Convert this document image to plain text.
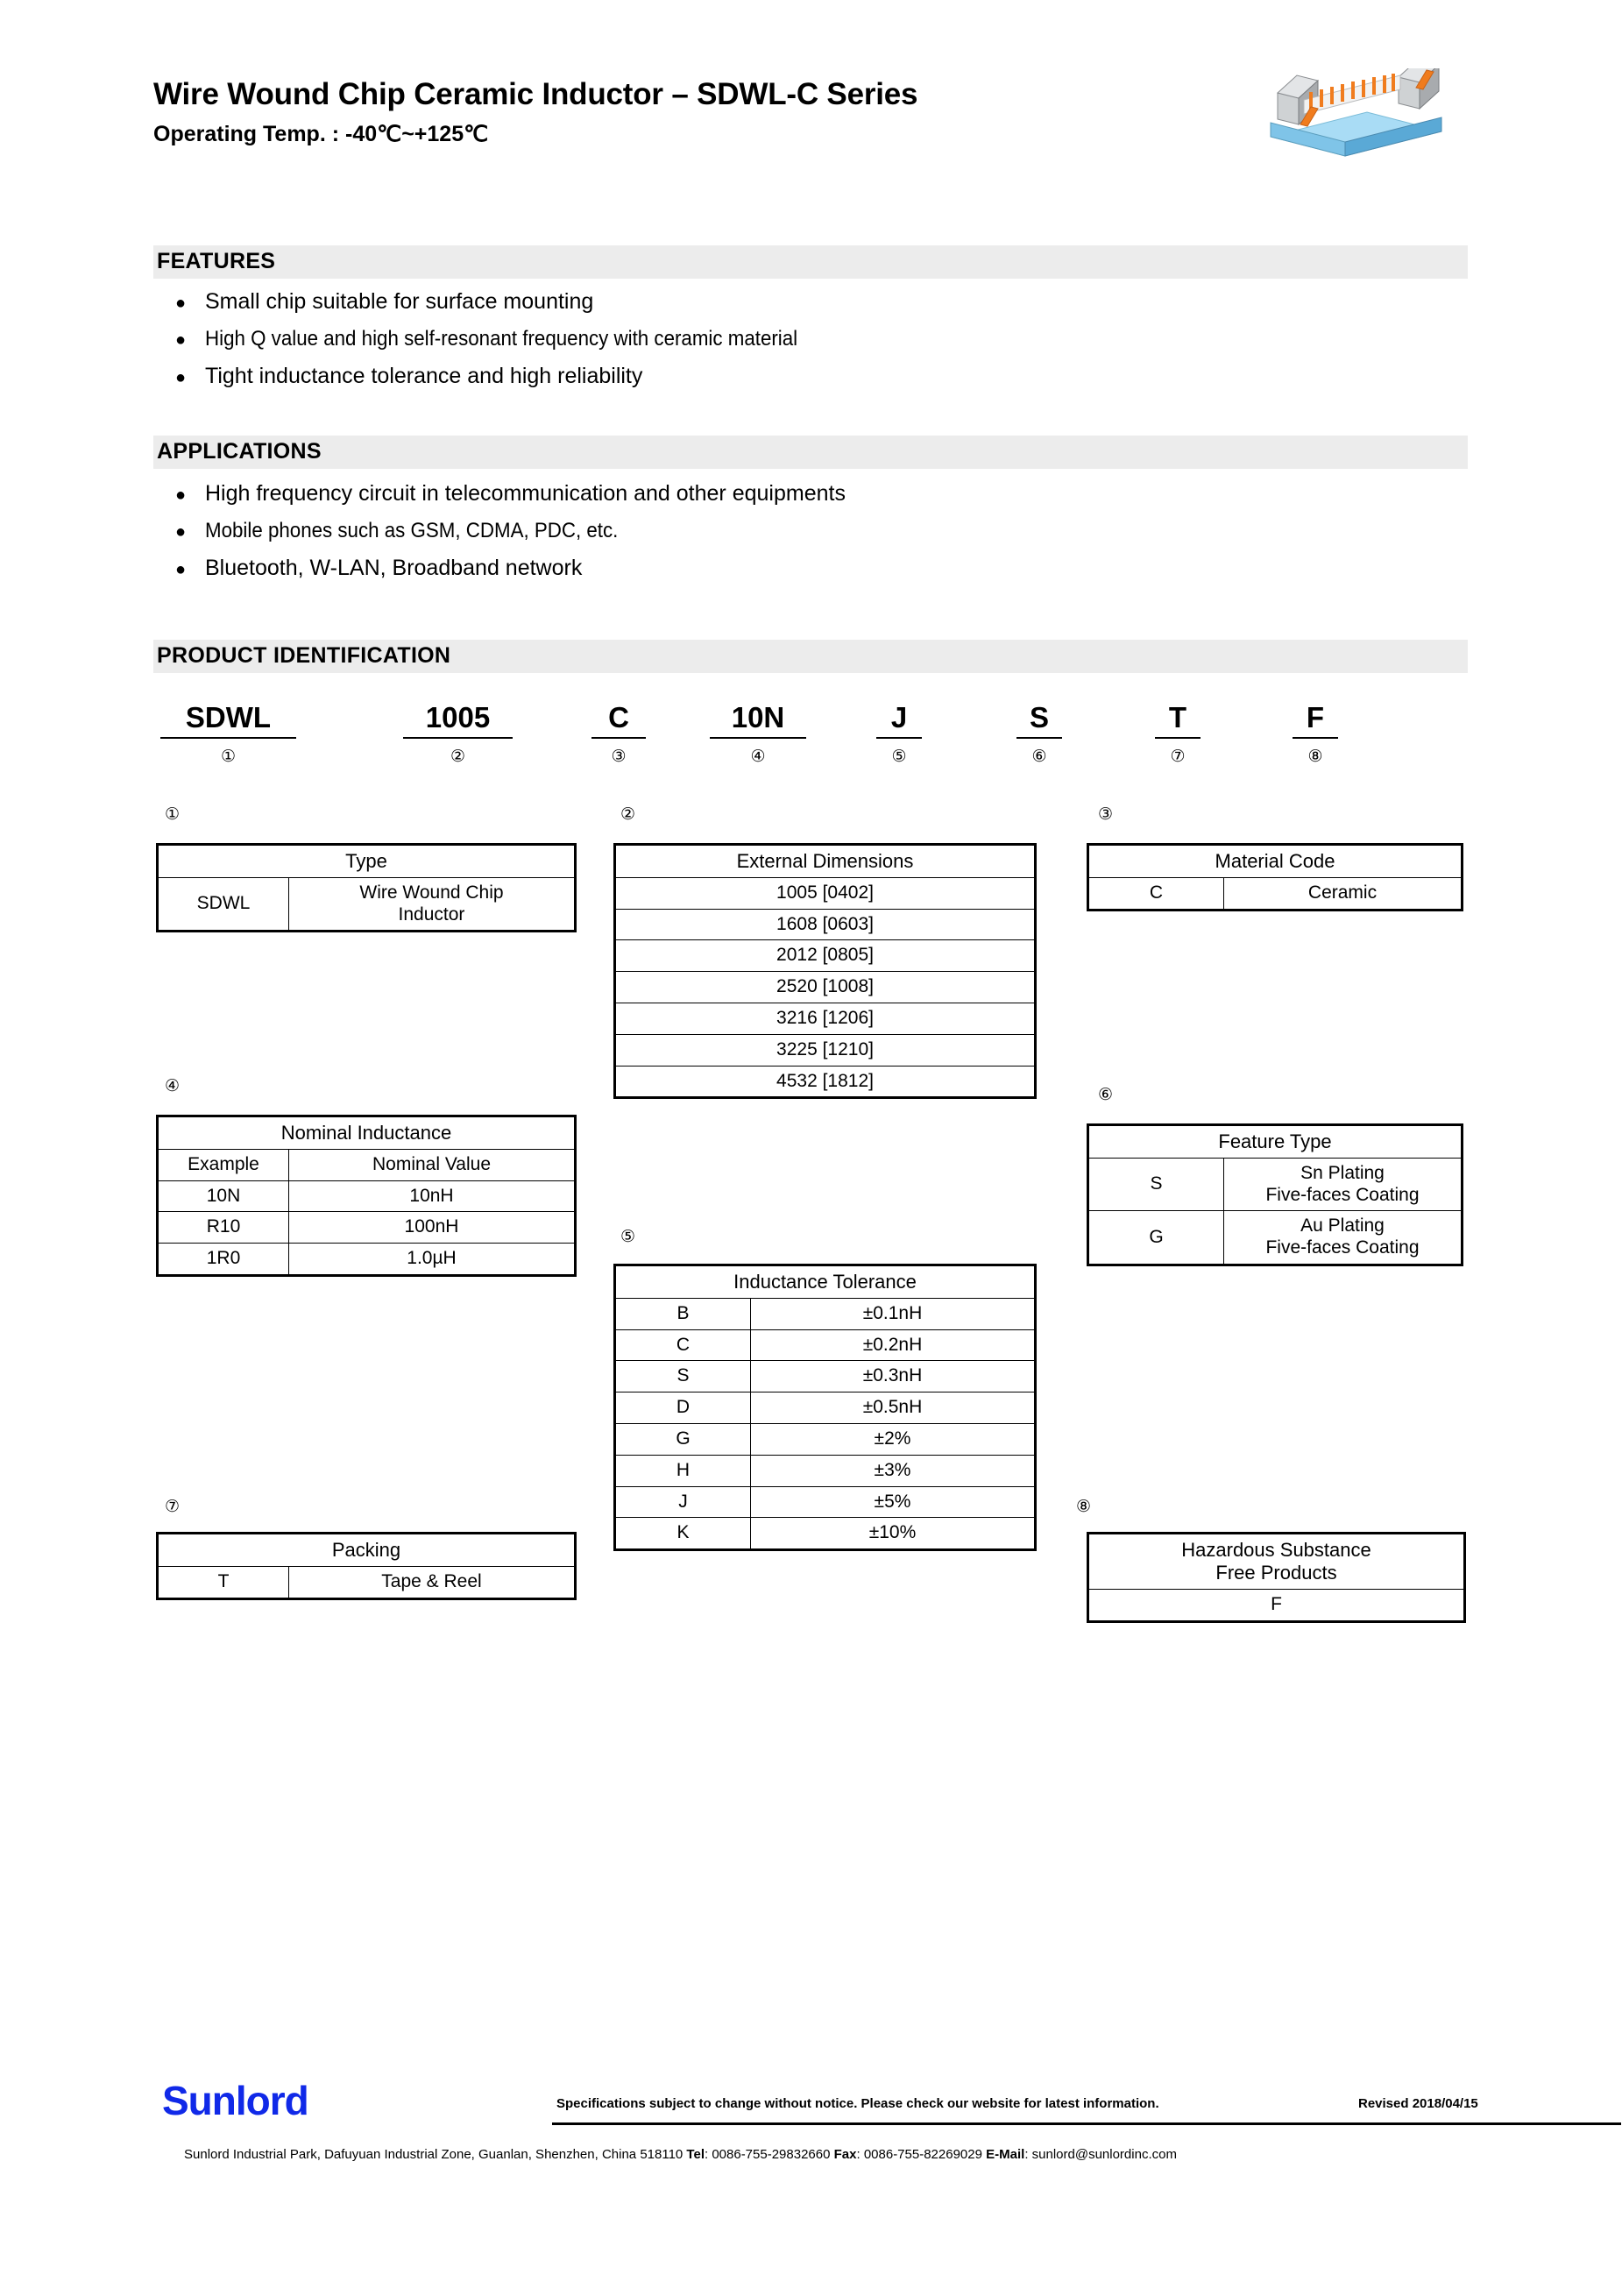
Wire Wound Chip Ceramic Inductor – SDWL-C Series
Operating Temp. : -40℃~+125℃
FEATURES
● Small chip suitable for surface mounting
● High Q value and high self-resonant frequency with ceramic material
● Tight inductance tolerance and high reliability
APPLICATIONS
● High frequency circuit in telecommunication and other equipments
● Mobile phones such as GSM, CDMA, PDC, etc.
● Bluetooth, W-LAN, Broadband network
PRODUCT IDENTIFICATION
SDWL
①
1005
②
C
③
10N
④
J
⑤
S
⑥
T
⑦
F
⑧
①	②	③
④	⑥
⑤
⑦	⑧
Type
SDWL	Wire Wound Chip
Inductor
External Dimensions
1005 [0402]
1608 [0603]
2012 [0805]
2520 [1008]
3216 [1206]
3225 [1210]
4532 [1812]
Material Code
C	Ceramic
Nominal Inductance	
Example	Nominal Value
10N	10nH
R10	100nH
1R0	1.0µH
Feature Type	
S	Sn Plating
Five-faces Coating
G	Au Plating
Five-faces Coating
Inductance Tolerance	
B	±0.1nH
C	±0.2nH
S	±0.3nH
D	±0.5nH
G	±2%
H	±3%
J	±5%
K	±10%
Packing
T	Tape & Reel
Hazardous Substance
Free Products
F
Sunlord	Specifications subject to change without notice. Please check our website for latest information.	Revised 2018/04/15
Sunlord Industrial Park, Dafuyuan Industrial Zone, Guanlan, Shenzhen, China 518110 Tel: 0086-755-29832660 Fax: 0086-755-82269029 E-Mail: sunlord@sunlordinc.com
